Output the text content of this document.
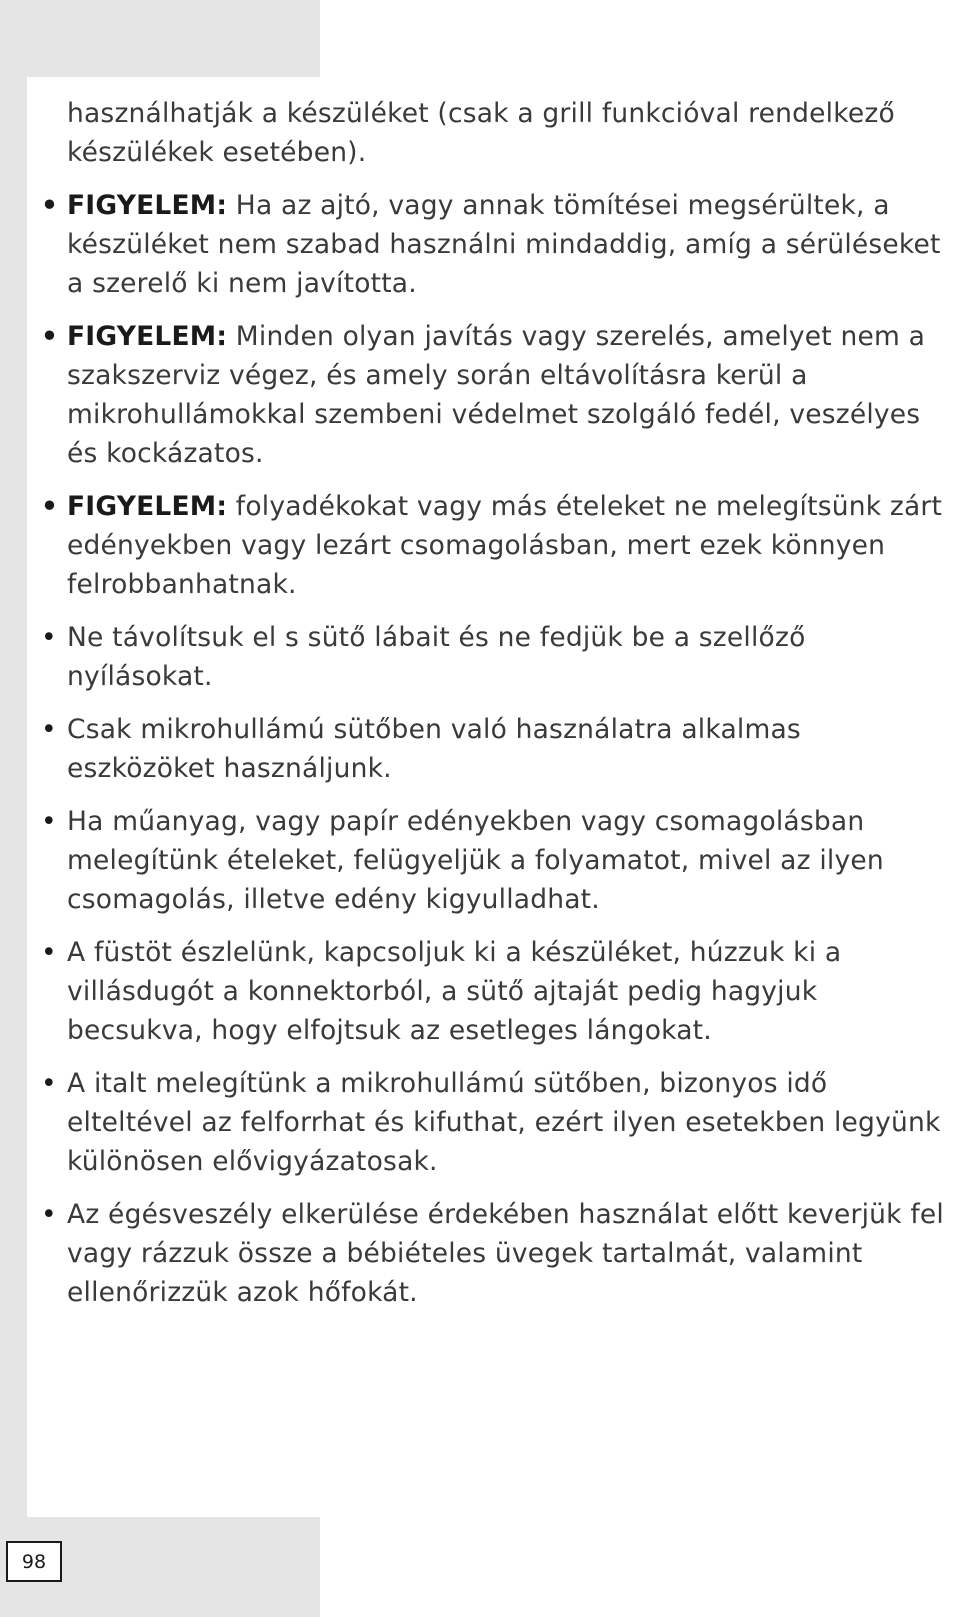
98

használhatják a készüléket (csak a grill funkcióval rendelkező készülékek esetében).

• FIGYELEM: Ha az ajtó, vagy annak tömítései megsérültek, a készüléket nem szabad használni mindaddig, amíg a sérüléseket a szerelő ki nem javította.
• FIGYELEM: Minden olyan javítás vagy szerelés, amelyet nem a szakszerviz végez, és amely során eltávolításra kerül a mikrohullámokkal szembeni védelmet szolgáló fedél, veszélyes és kockázatos.
• FIGYELEM: folyadékokat vagy más ételeket ne melegítsünk zárt edényekben vagy lezárt csomagolásban, mert ezek könnyen felrobbanhatnak.
• Ne távolítsuk el s sütő lábait és ne fedjük be a szellőző nyílásokat.
• Csak mikrohullámú sütőben való használatra alkalmas eszközöket használjunk.
• Ha műanyag, vagy papír edényekben vagy csomagolásban melegítünk ételeket, felügyeljük a folyamatot, mivel az ilyen csomagolás, illetve edény kigyulladhat.
• A füstöt észlelünk, kapcsoljuk ki a készüléket, húzzuk ki a villásdugót a konnektorból, a sütő ajtaját pedig hagyjuk becsukva, hogy elfojtsuk az esetleges lángokat.
• A italt melegítünk a mikrohullámú sütőben, bizonyos idő elteltével az felforrhat és kifuthat, ezért ilyen esetekben legyünk különösen elővigyázatosak.
• Az égésveszély elkerülése érdekében használat előtt keverjük fel vagy rázzuk össze a bébiételes üvegek tartalmát, valamint ellenőrizzük azok hőfokát.
